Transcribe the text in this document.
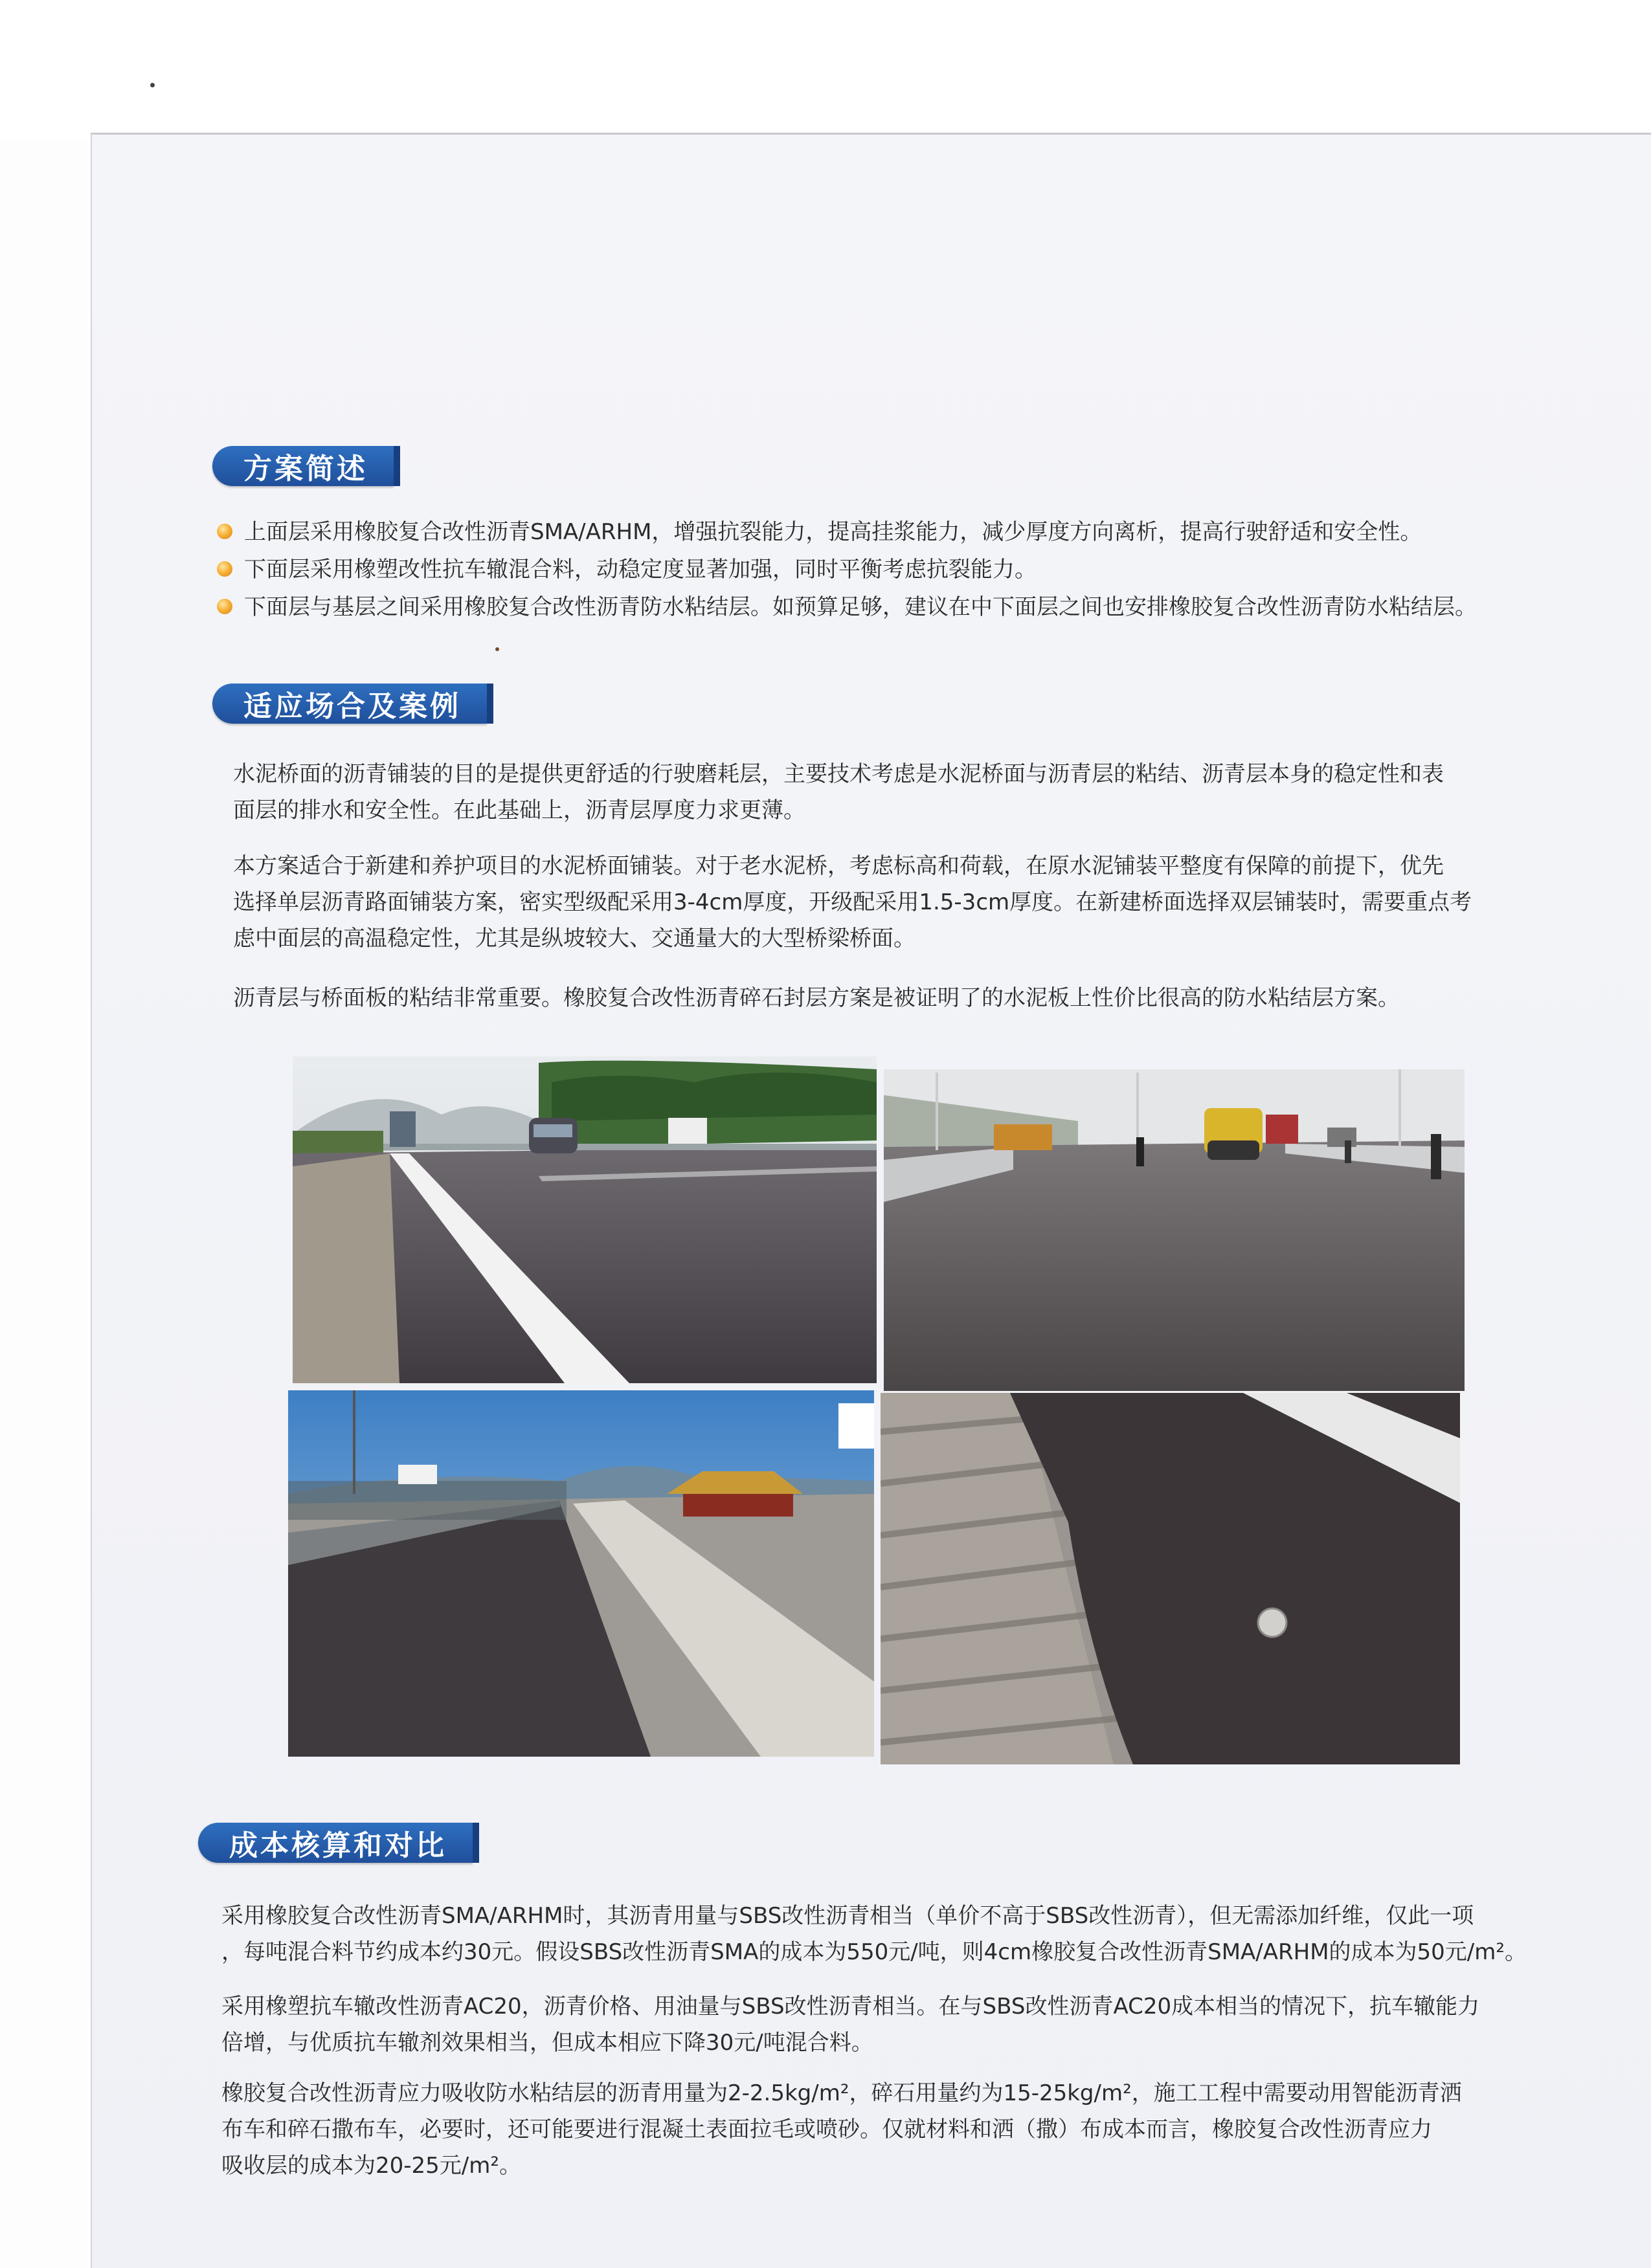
方案简述
上面层采用橡胶复合改性沥青SMA/ARHM，增强抗裂能力，提高挂浆能力，减少厚度方向离析，提高行驶舒适和安全性。
下面层采用橡塑改性抗车辙混合料，动稳定度显著加强，同时平衡考虑抗裂能力。
下面层与基层之间采用橡胶复合改性沥青防水粘结层。如预算足够，建议在中下面层之间也安排橡胶复合改性沥青防水粘结层。
适应场合及案例

水泥桥面的沥青铺装的目的是提供更舒适的行驶磨耗层，主要技术考虑是水泥桥面与沥青层的粘结、沥青层本身的稳定性和表
面层的排水和安全性。在此基础上，沥青层厚度力求更薄。

本方案适合于新建和养护项目的水泥桥面铺装。对于老水泥桥，考虑标高和荷载，在原水泥铺装平整度有保障的前提下，优先
选择单层沥青路面铺装方案，密实型级配采用3-4cm厚度，开级配采用1.5-3cm厚度。在新建桥面选择双层铺装时，需要重点考
虑中面层的高温稳定性，尤其是纵坡较大、交通量大的大型桥梁桥面。

沥青层与桥面板的粘结非常重要。橡胶复合改性沥青碎石封层方案是被证明了的水泥板上性价比很高的防水粘结层方案。

成本核算和对比

采用橡胶复合改性沥青SMA/ARHM时，其沥青用量与SBS改性沥青相当（单价不高于SBS改性沥青），但无需添加纤维，仅此一项
，每吨混合料节约成本约30元。假设SBS改性沥青SMA的成本为550元/吨，则4cm橡胶复合改性沥青SMA/ARHM的成本为50元/m²。

采用橡塑抗车辙改性沥青AC20，沥青价格、用油量与SBS改性沥青相当。在与SBS改性沥青AC20成本相当的情况下，抗车辙能力
倍增，与优质抗车辙剂效果相当，但成本相应下降30元/吨混合料。

橡胶复合改性沥青应力吸收防水粘结层的沥青用量为2-2.5kg/m²，碎石用量约为15-25kg/m²，施工工程中需要动用智能沥青洒
布车和碎石撒布车，必要时，还可能要进行混凝土表面拉毛或喷砂。仅就材料和洒（撒）布成本而言，橡胶复合改性沥青应力
吸收层的成本为20-25元/m²。
